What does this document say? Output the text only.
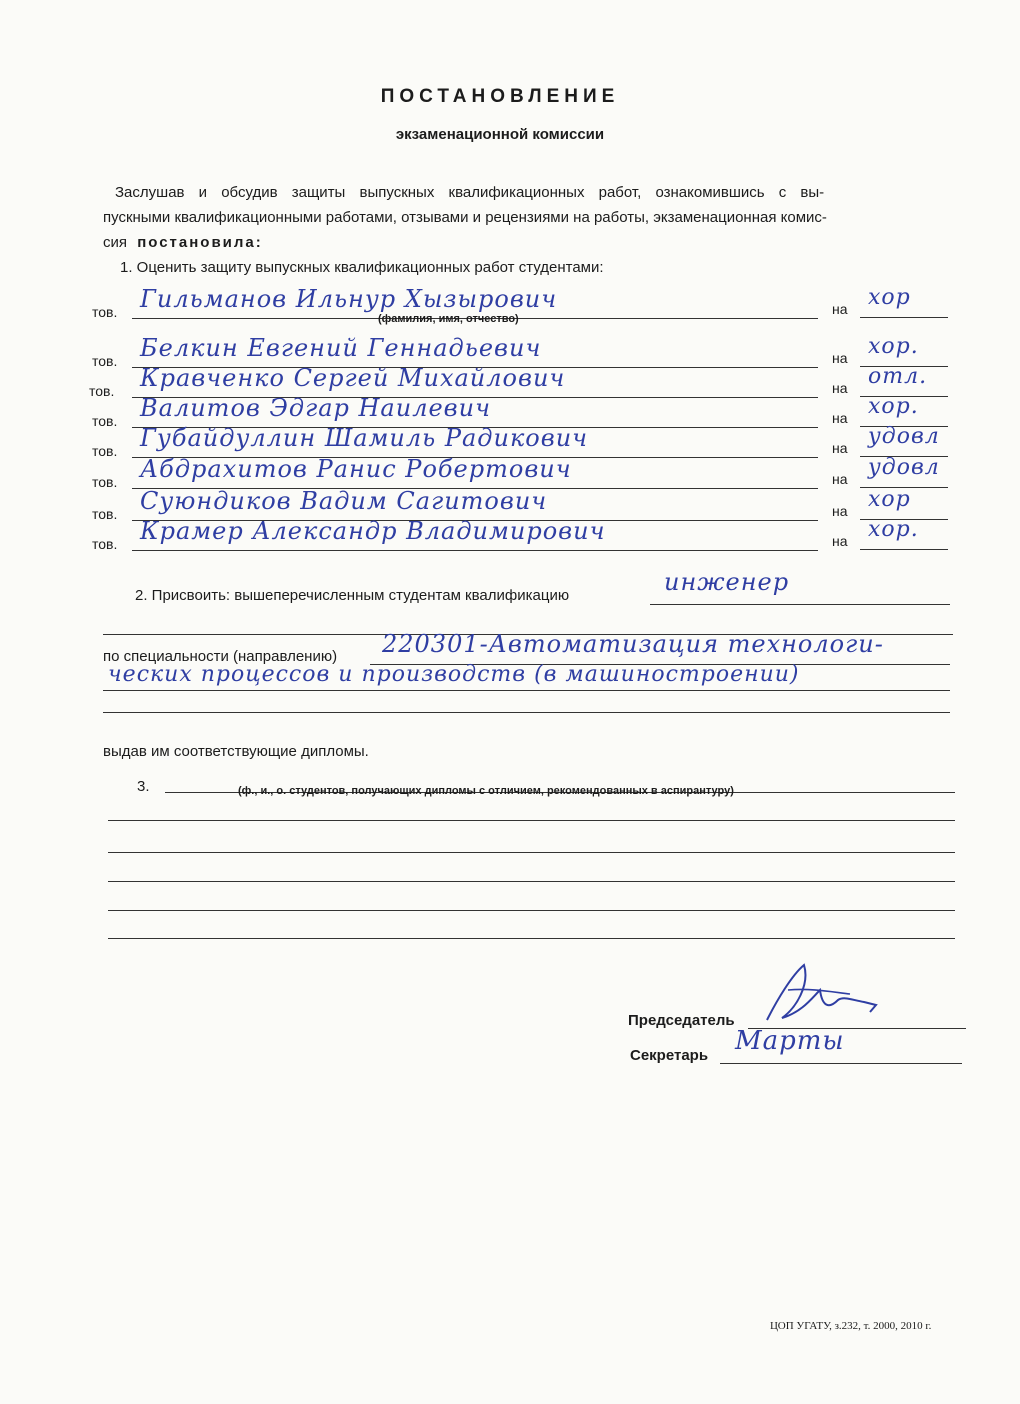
ПОСТАНОВЛЕНИЕ
экзаменационной комиссии
Заслушав и обсудив защиты выпускных квалификационных работ, ознакомившись с вы-
пускными квалификационными работами, отзывами и рецензиями на работы, экзаменационная комис-
сия постановила:
1. Оценить защиту выпускных квалификационных работ студентами:
тов. Гильманов Ильнур Хызырович	на хор
тов. Белкин Евгений Геннадьевич	на хор.
тов. Кравченко Сергей Михайлович	на отл.
тов. Валитов Эдгар Наилевич	на хор.
тов. Губайдуллин Шамиль Радикович	на удовл
тов. Абдрахитов Ранис Робертович	на удовл
тов. Суюндиков Вадим Сагитович	на хор
тов. Крамер Александр Владимирович	на хор.
(фамилия, имя, отчество)
2. Присвоить: вышеперечисленным студентам квалификацию	инженер
по специальности (направлению) 220301-Автоматизация технологи-
ческих процессов и производств (в машиностроении)
выдав им соответствующие дипломы.
3.	(ф., и., о. студентов, получающих дипломы с отличием, рекомендованных в аспирантуру)
Председатель
Секретарь Марты
ЦОП УГАТУ, з.232, т. 2000, 2010 г.
